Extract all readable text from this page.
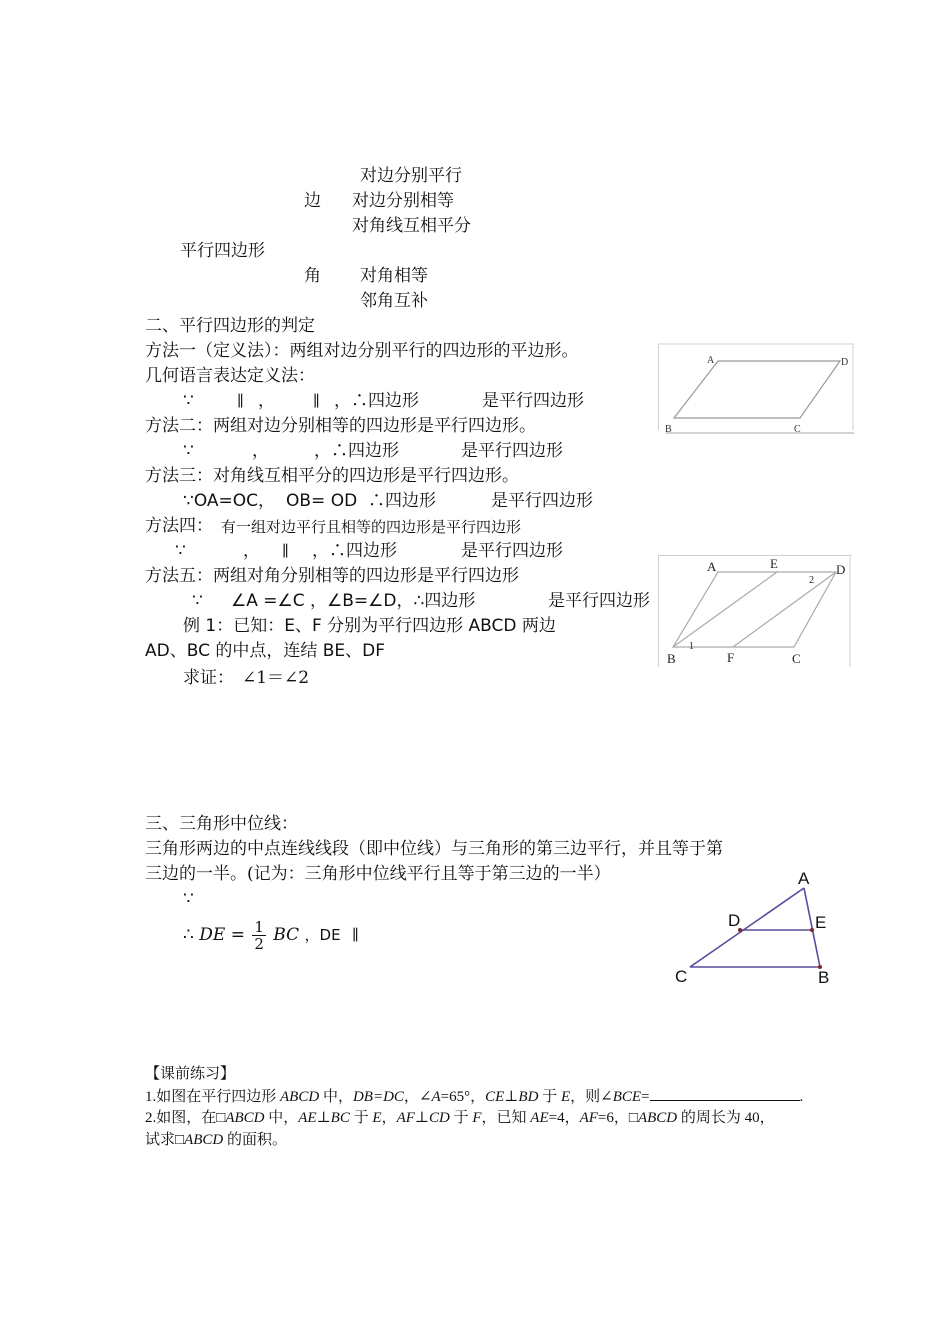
对边分别平行
边 对边分别相等
对角线互相平分
平行四边形
角 对角相等
邻角互补
二、平行四边形的判定
方法一（定义法）：两组对边分别平行的四边形的平边形。
几何语言表达定义法：
∵	∥ ，	∥ ，∴四边形	是平行四边形
方法二：两组对边分别相等的四边形是平行四边形。
∵	，	，∴四边形	是平行四边形
方法三：对角线互相平分的四边形是平行四边形。
∵OA=OC， OB= OD ∴四边形	是平行四边形
方法四： 有一组对边平行且相等的四边形是平行四边形
∵	， ∥ ，∴四边形	是平行四边形
方法五：两组对角分别相等的四边形是平行四边形
∵ ∠A =∠C ，∠B=∠D，∴四边形	是平行四边形
例 1：已知：E、F 分别为平行四边形 ABCD 两边
AD、BC 的中点，连结 BE、DF
求证： ∠1＝∠2
A	D
B	C
A	E
2
D
1
B	F	C
三、三角形中位线：
三角形两边的中点连线线段（即中位线）与三角形的第三边平行，并且等于第
三边的一半。(记为：三角形中位线平行且等于第三边的一半）
∵
∴ DE = $\frac{1}{2}$ BC ，DE ∥
A
D	E
C	B
【课前练习】
1.如图在平行四边形 ABCD 中，DB=DC，∠A=65°，CE⊥BD 于 E，则∠BCE=	.
2.如图，在□ABCD 中，AE⊥BC 于 E，AF⊥CD 于 F，已知 AE=4，AF=6，□ABCD 的周长为 40，
试求□ABCD 的面积。
